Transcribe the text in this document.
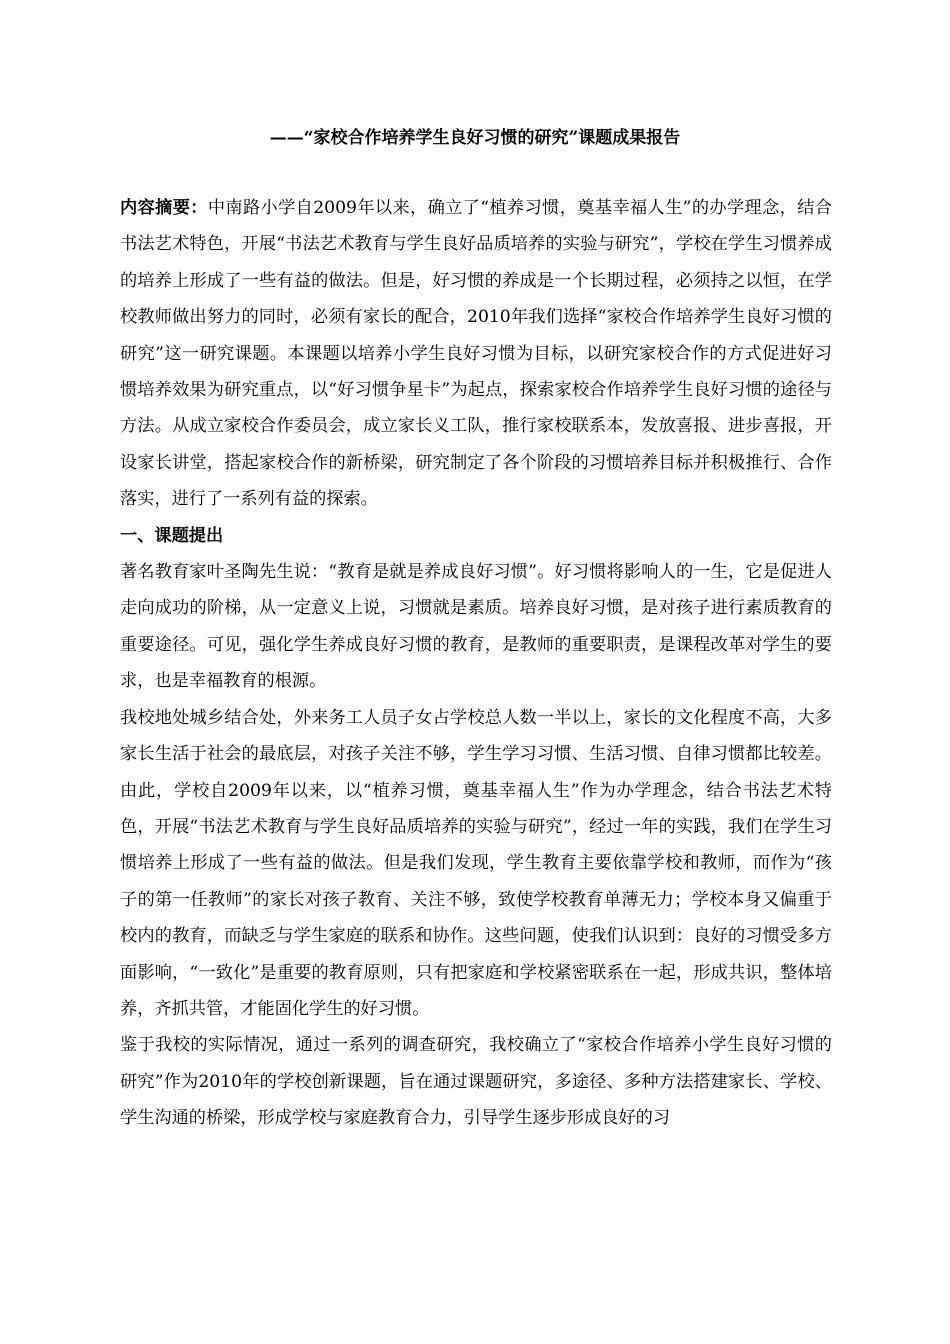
——“家校合作培养学生良好习惯的研究”课题成果报告

内容摘要：中南路小学自2009年以来，确立了“植养习惯，奠基幸福人生”的办学理念，结合书法艺术特色，开展“书法艺术教育与学生良好品质培养的实验与研究”，学校在学生习惯养成的培养上形成了一些有益的做法。但是，好习惯的养成是一个长期过程，必须持之以恒，在学校教师做出努力的同时，必须有家长的配合，2010年我们选择“家校合作培养学生良好习惯的研究”这一研究课题。本课题以培养小学生良好习惯为目标，以研究家校合作的方式促进好习惯培养效果为研究重点，以“好习惯争星卡”为起点，探索家校合作培养学生良好习惯的途径与方法。从成立家校合作委员会，成立家长义工队，推行家校联系本，发放喜报、进步喜报，开设家长讲堂，搭起家校合作的新桥梁，研究制定了各个阶段的习惯培养目标并积极推行、合作落实，进行了一系列有益的探索。

一、课题提出

著名教育家叶圣陶先生说：“教育是就是养成良好习惯”。好习惯将影响人的一生，它是促进人走向成功的阶梯，从一定意义上说，习惯就是素质。培养良好习惯，是对孩子进行素质教育的重要途径。可见，强化学生养成良好习惯的教育，是教师的重要职责，是课程改革对学生的要求，也是幸福教育的根源。

我校地处城乡结合处，外来务工人员子女占学校总人数一半以上，家长的文化程度不高，大多家长生活于社会的最底层，对孩子关注不够，学生学习习惯、生活习惯、自律习惯都比较差。由此，学校自2009年以来，以“植养习惯，奠基幸福人生”作为办学理念，结合书法艺术特色，开展“书法艺术教育与学生良好品质培养的实验与研究”，经过一年的实践，我们在学生习惯培养上形成了一些有益的做法。但是我们发现，学生教育主要依靠学校和教师，而作为“孩子的第一任教师”的家长对孩子教育、关注不够，致使学校教育单薄无力；学校本身又偏重于校内的教育，而缺乏与学生家庭的联系和协作。这些问题，使我们认识到：良好的习惯受多方面影响，“一致化”是重要的教育原则，只有把家庭和学校紧密联系在一起，形成共识，整体培养，齐抓共管，才能固化学生的好习惯。

鉴于我校的实际情况，通过一系列的调查研究，我校确立了“家校合作培养小学生良好习惯的研究”作为2010年的学校创新课题，旨在通过课题研究，多途径、多种方法搭建家长、学校、学生沟通的桥梁，形成学校与家庭教育合力，引导学生逐步形成良好的习
